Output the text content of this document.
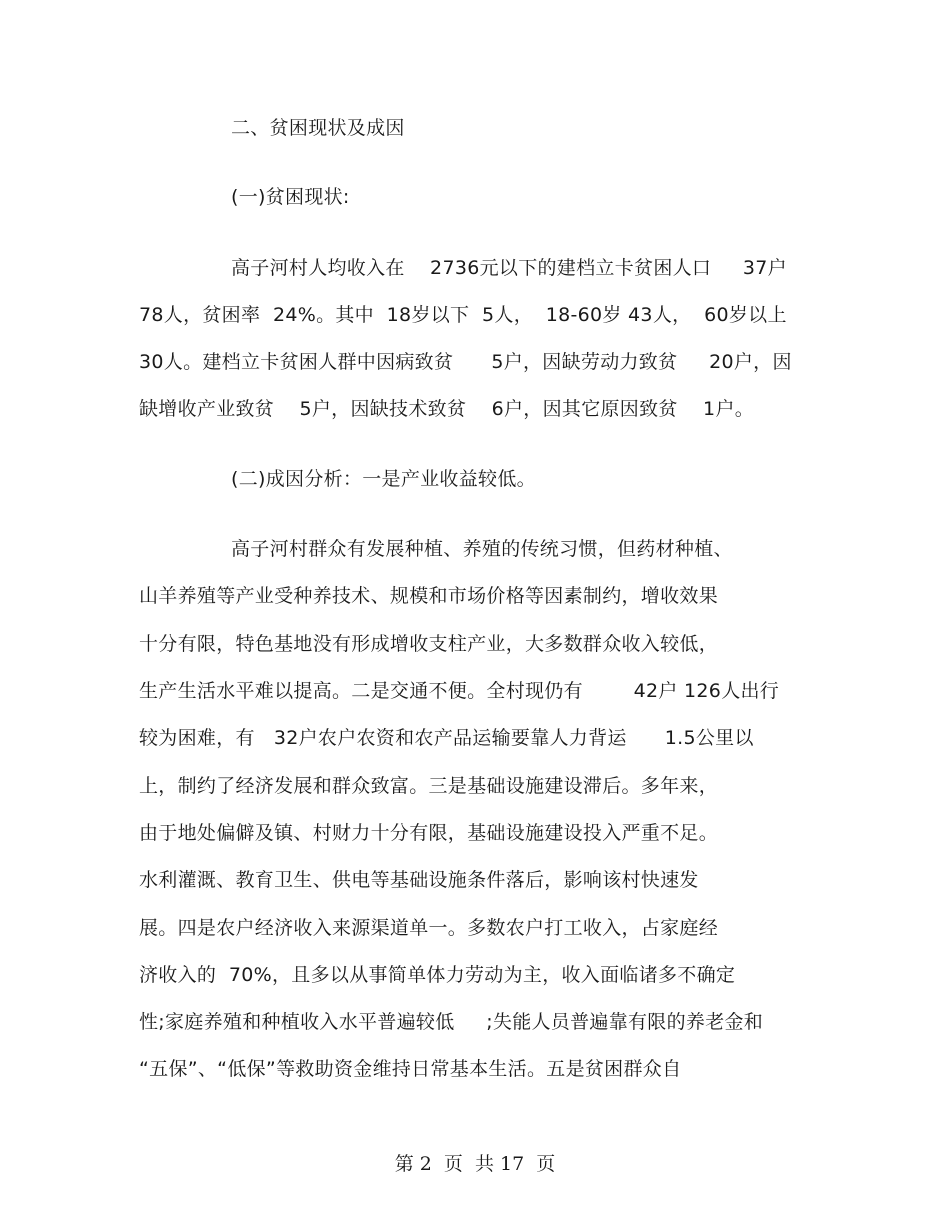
二、贫困现状及成因
(一)贫困现状:
高子河村人均收入在    2736元以下的建档立卡贫困人口     37户
78人，贫困率  24%。其中  18岁以下  5人，  18-60岁 43人，  60岁以上
30人。建档立卡贫困人群中因病致贫      5户，因缺劳动力致贫     20户，因
缺增收产业致贫    5户，因缺技术致贫    6户，因其它原因致贫    1户。
(二)成因分析：一是产业收益较低。
高子河村群众有发展种植、养殖的传统习惯，但药材种植、
山羊养殖等产业受种养技术、规模和市场价格等因素制约，增收效果
十分有限，特色基地没有形成增收支柱产业，大多数群众收入较低，
生产生活水平难以提高。二是交通不便。全村现仍有        42户 126人出行
较为困难，有   32户农户农资和农产品运输要靠人力背运      1.5公里以
上，制约了经济发展和群众致富。三是基础设施建设滞后。多年来，
由于地处偏僻及镇、村财力十分有限，基础设施建设投入严重不足。
水利灌溉、教育卫生、供电等基础设施条件落后，影响该村快速发
展。四是农户经济收入来源渠道单一。多数农户打工收入，占家庭经
济收入的  70%，且多以从事简单体力劳动为主，收入面临诸多不确定
性;家庭养殖和种植收入水平普遍较低     ;失能人员普遍靠有限的养老金和
“五保”、“低保”等救助资金维持日常基本生活。五是贫困群众自
第 2  页  共 17  页
